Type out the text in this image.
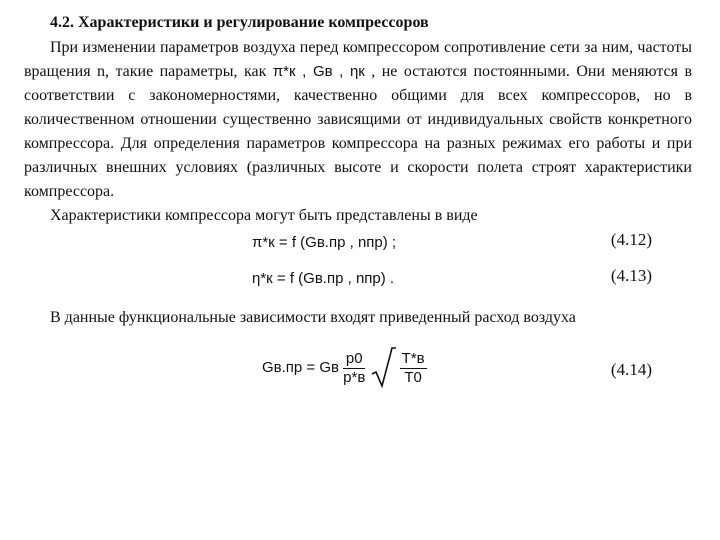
4.2. Характеристики и регулирование компрессоров

При изменении параметров воздуха перед компрессором сопротивление сети за ним, частоты вращения n, такие параметры, как π*к , Gв , ηк , не остаются постоянными. Они меняются в соответствии с закономерностями, качественно общими для всех компрессоров, но в количественном отношении существенно зависящими от индивидуальных свойств конкретного компрессора. Для определения параметров компрессора на разных режимах его работы и при различных внешних условиях (различных высоте и скорости полета строят характеристики компрессора.

Характеристики компрессора могут быть представлены в виде

π*к = f (Gв.пр , nпр) ;	(4.12)
η*к = f (Gв.пр , nпр) .	(4.13)

В данные функциональные зависимости входят приведенный расход воздуха

Gв.пр = Gв $\frac{p0}{p*в}$
$\frac{T*в}{T0}$	(4.14)
